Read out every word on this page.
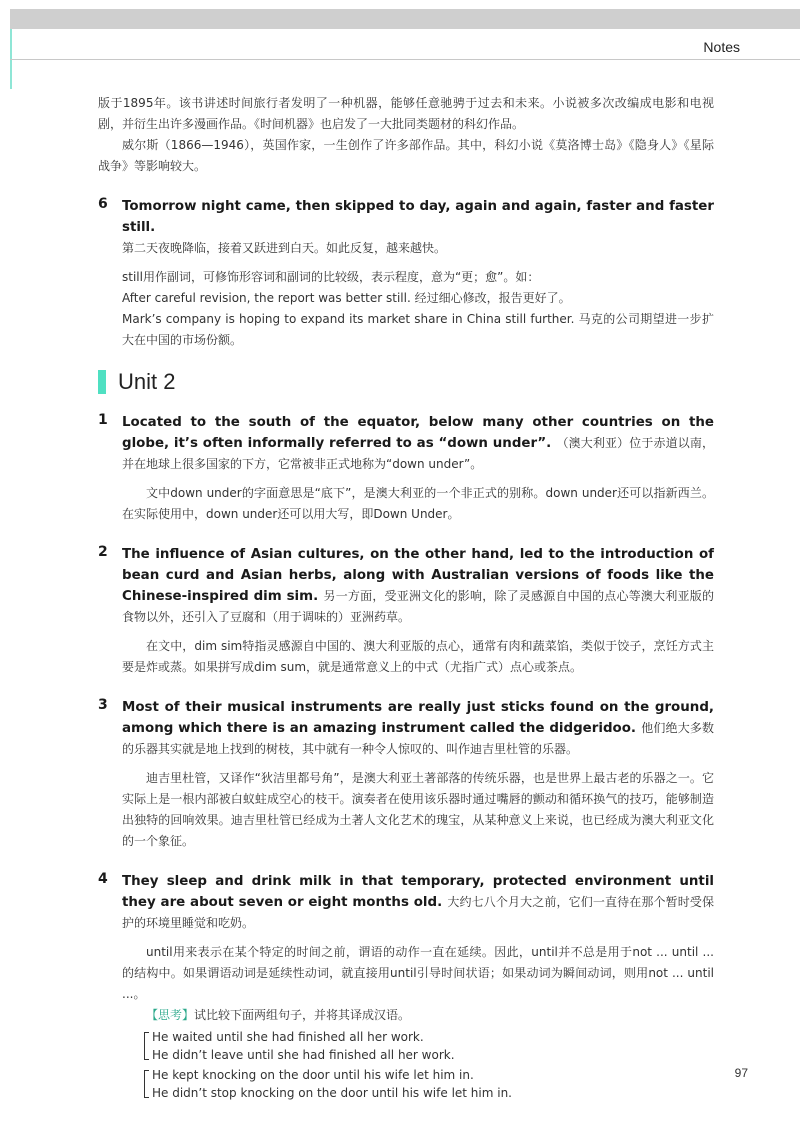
Notes

版于1895年。该书讲述时间旅行者发明了一种机器，能够任意驰骋于过去和未来。小说被多次改编成电影和电视剧，并衍生出许多漫画作品。《时间机器》也启发了一大批同类题材的科幻作品。

威尔斯（1866—1946），英国作家，一生创作了许多部作品。其中，科幻小说《莫洛博士岛》《隐身人》《星际战争》等影响较大。

6 Tomorrow night came, then skipped to day, again and again, faster and faster still.
第二天夜晚降临，接着又跃进到白天。如此反复，越来越快。

still用作副词，可修饰形容词和副词的比较级，表示程度，意为“更；愈”。如：

After careful revision, the report was better still. 经过细心修改，报告更好了。

Mark’s company is hoping to expand its market share in China still further. 马克的公司期望进一步扩大在中国的市场份额。

Unit 2
1 Located to the south of the equator, below many other countries on the globe, it’s often informally referred to as “down under”. （澳大利亚）位于赤道以南，并在地球上很多国家的下方，它常被非正式地称为“down under”。

文中down under的字面意思是“底下”，是澳大利亚的一个非正式的别称。down under还可以指新西兰。在实际使用中，down under还可以用大写，即Down Under。

2 The influence of Asian cultures, on the other hand, led to the introduction of bean curd and Asian herbs, along with Australian versions of foods like the Chinese-inspired dim sim. 另一方面，受亚洲文化的影响，除了灵感源自中国的点心等澳大利亚版的食物以外，还引入了豆腐和（用于调味的）亚洲药草。

在文中，dim sim特指灵感源自中国的、澳大利亚版的点心，通常有肉和蔬菜馅，类似于饺子，烹饪方式主要是炸或蒸。如果拼写成dim sum，就是通常意义上的中式（尤指广式）点心或茶点。

3 Most of their musical instruments are really just sticks found on the ground, among which there is an amazing instrument called the didgeridoo. 他们绝大多数的乐器其实就是地上找到的树枝，其中就有一种令人惊叹的、叫作迪吉里杜管的乐器。

迪吉里杜管，又译作“狄洁里都号角”，是澳大利亚土著部落的传统乐器，也是世界上最古老的乐器之一。它实际上是一根内部被白蚁蛀成空心的枝干。演奏者在使用该乐器时通过嘴唇的颤动和循环换气的技巧，能够制造出独特的回响效果。迪吉里杜管已经成为土著人文化艺术的瑰宝，从某种意义上来说，也已经成为澳大利亚文化的一个象征。

4 They sleep and drink milk in that temporary, protected environment until they are about seven or eight months old. 大约七八个月大之前，它们一直待在那个暂时受保护的环境里睡觉和吃奶。

until用来表示在某个特定的时间之前，谓语的动作一直在延续。因此，until并不总是用于not ... until ... 的结构中。如果谓语动词是延续性动词，就直接用until引导时间状语；如果动词为瞬间动词，则用not ... until ...。

【思考】试比较下面两组句子，并将其译成汉语。

He waited until she had finished all her work.

He didn’t leave until she had finished all her work.

He kept knocking on the door until his wife let him in.

He didn’t stop knocking on the door until his wife let him in.

97
